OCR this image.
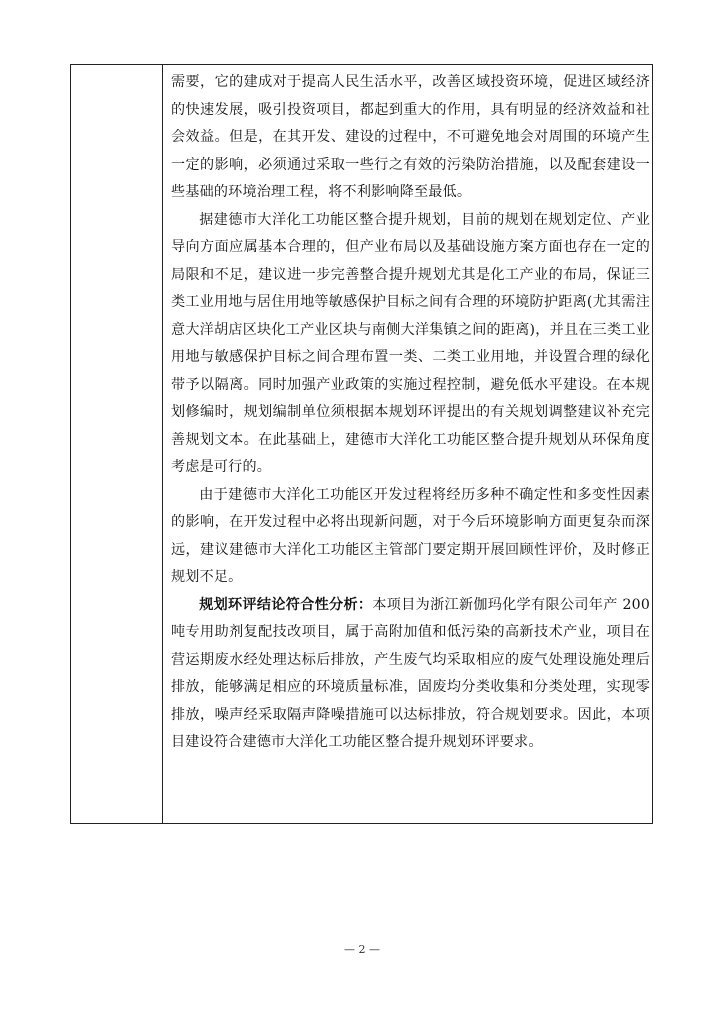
需要，它的建成对于提高人民生活水平，改善区域投资环境，促进区域经济的快速发展，吸引投资项目，都起到重大的作用，具有明显的经济效益和社会效益。但是，在其开发、建设的过程中，不可避免地会对周围的环境产生一定的影响，必须通过采取一些行之有效的污染防治措施，以及配套建设一些基础的环境治理工程，将不利影响降至最低。

据建德市大洋化工功能区整合提升规划，目前的规划在规划定位、产业导向方面应属基本合理的，但产业布局以及基础设施方案方面也存在一定的局限和不足，建议进一步完善整合提升规划尤其是化工产业的布局，保证三类工业用地与居住用地等敏感保护目标之间有合理的环境防护距离(尤其需注意大洋胡店区块化工产业区块与南侧大洋集镇之间的距离)，并且在三类工业用地与敏感保护目标之间合理布置一类、二类工业用地，并设置合理的绿化带予以隔离。同时加强产业政策的实施过程控制，避免低水平建设。在本规划修编时，规划编制单位须根据本规划环评提出的有关规划调整建议补充完善规划文本。在此基础上，建德市大洋化工功能区整合提升规划从环保角度考虑是可行的。

由于建德市大洋化工功能区开发过程将经历多种不确定性和多变性因素的影响，在开发过程中必将出现新问题，对于今后环境影响方面更复杂而深远，建议建德市大洋化工功能区主管部门要定期开展回顾性评价，及时修正规划不足。

规划环评结论符合性分析：本项目为浙江新伽玛化学有限公司年产 200 吨专用助剂复配技改项目，属于高附加值和低污染的高新技术产业，项目在营运期废水经处理达标后排放，产生废气均采取相应的废气处理设施处理后排放，能够满足相应的环境质量标准，固废均分类收集和分类处理，实现零排放，噪声经采取隔声降噪措施可以达标排放，符合规划要求。因此，本项目建设符合建德市大洋化工功能区整合提升规划环评要求。

— 2 —
